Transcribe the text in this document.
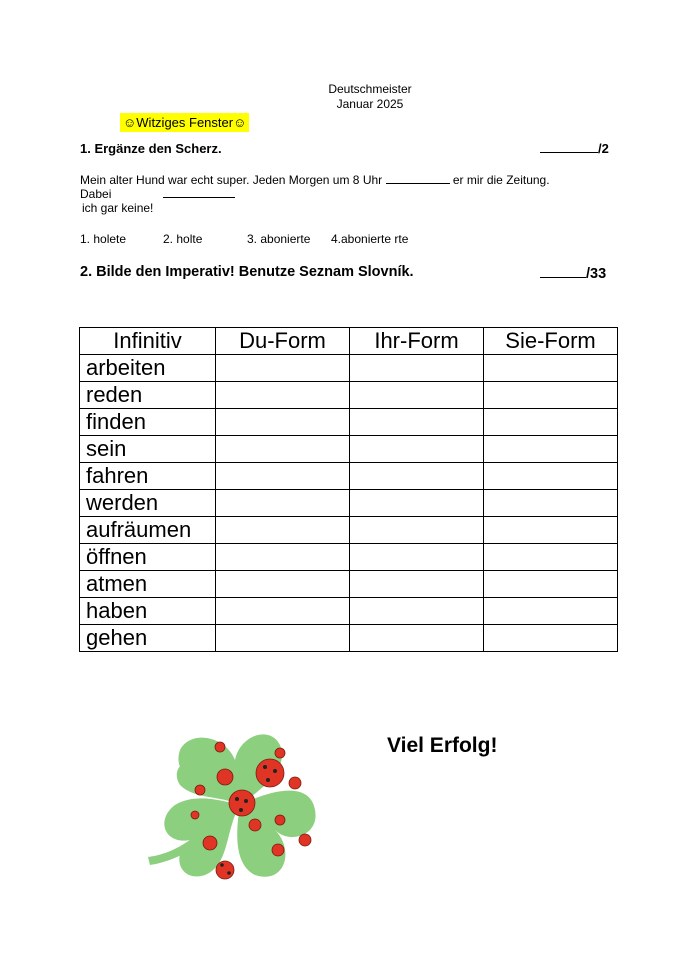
Deutschmeister
Januar 2025
☺Witziges Fenster☺
1. Ergänze den Scherz.	/2
Mein alter Hund war echt super. Jeden Morgen um 8 Uhr	er mir die Zeitung.
Dabei
ich gar keine!
1. holete	2. holte	3. abonierte 4.abonierte rte
2. Bilde den Imperativ! Benutze Seznam Slovník.	/33
Infinitiv	Du-Form	Ihr-Form	Sie-Form
arbeiten			
reden			
finden			
sein			
fahren			
werden			
aufräumen			
öffnen			
atmen			
haben			
gehen			
Viel Erfolg!
